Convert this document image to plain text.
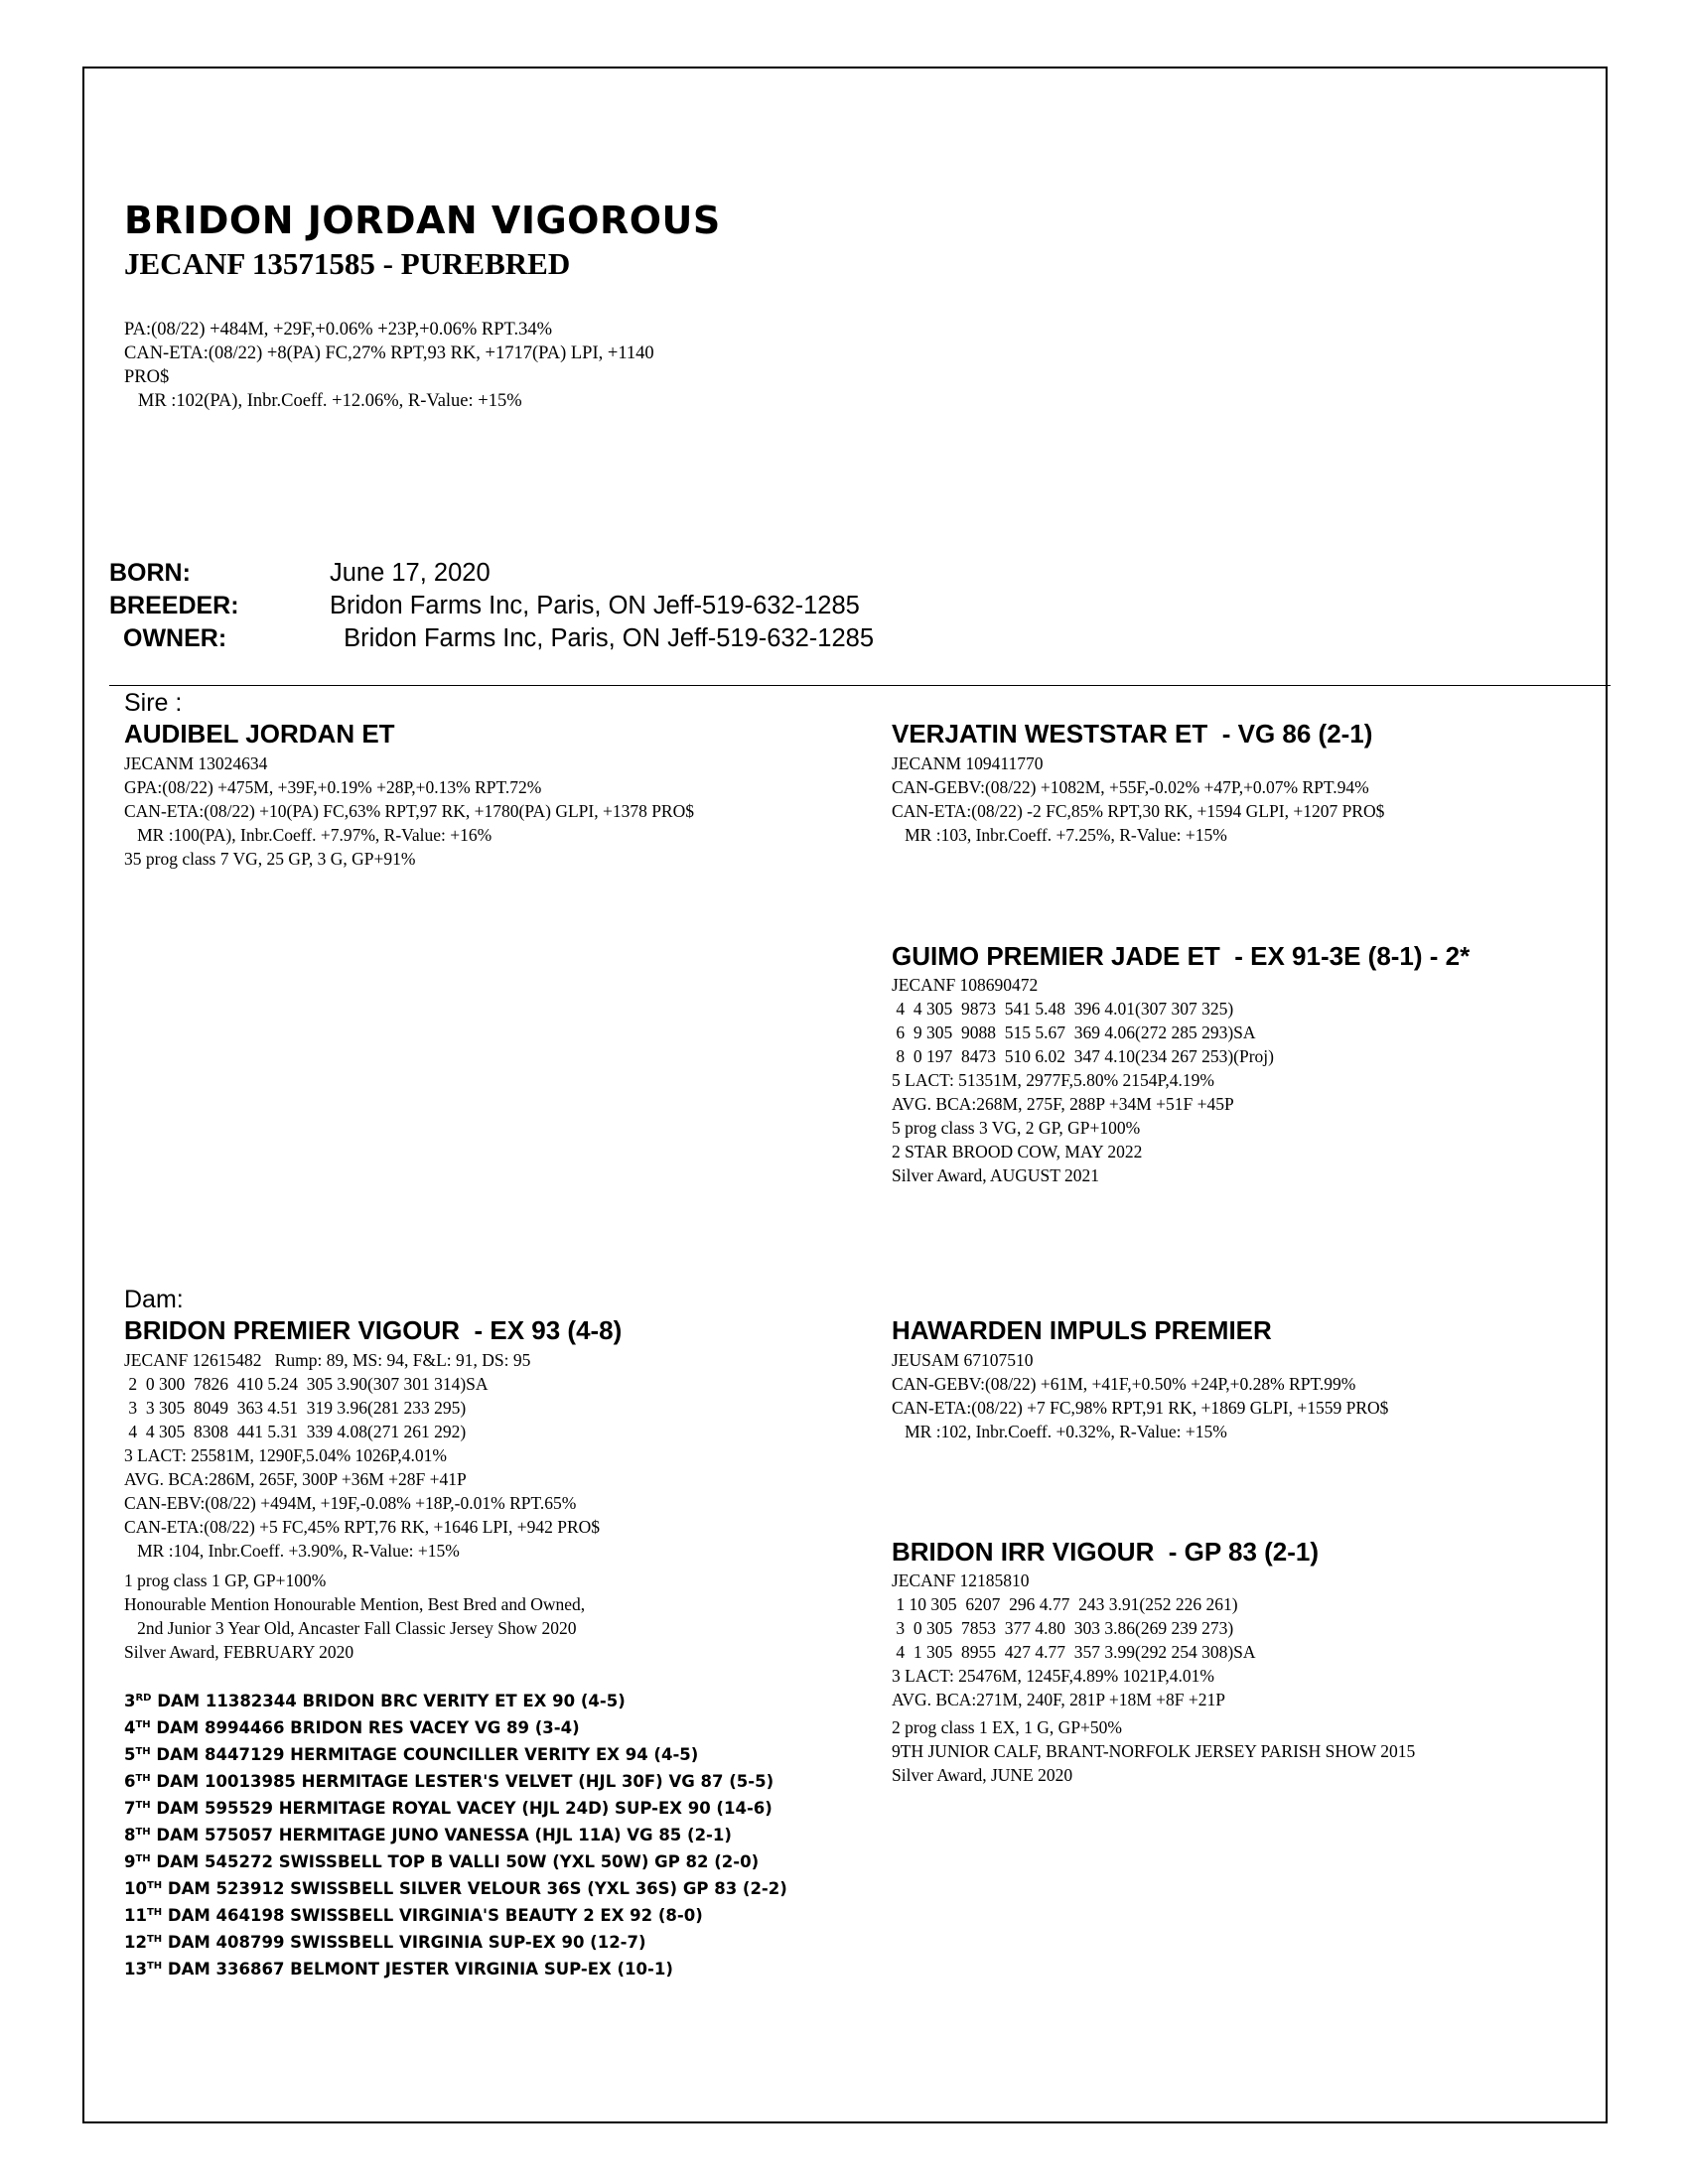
BRIDON JORDAN VIGOROUS
JECANF 13571585 - PUREBRED
PA:(08/22) +484M, +29F,+0.06% +23P,+0.06% RPT.34%
CAN-ETA:(08/22) +8(PA) FC,27% RPT,93 RK, +1717(PA) LPI, +1140
PRO$
MR :102(PA), Inbr.Coeff. +12.06%, R-Value: +15%
BORN:	June 17, 2020
BREEDER:	Bridon Farms Inc, Paris, ON Jeff-519-632-1285
OWNER:	Bridon Farms Inc, Paris, ON Jeff-519-632-1285
Sire :
AUDIBEL JORDAN ET
JECANM 13024634
GPA:(08/22) +475M, +39F,+0.19% +28P,+0.13% RPT.72%
CAN-ETA:(08/22) +10(PA) FC,63% RPT,97 RK, +1780(PA) GLPI, +1378 PRO$
MR :100(PA), Inbr.Coeff. +7.97%, R-Value: +16%
35 prog class 7 VG, 25 GP, 3 G, GP+91%
VERJATIN WESTSTAR ET  - VG 86 (2-1)
JECANM 109411770
CAN-GEBV:(08/22) +1082M, +55F,-0.02% +47P,+0.07% RPT.94%
CAN-ETA:(08/22) -2 FC,85% RPT,30 RK, +1594 GLPI, +1207 PRO$
MR :103, Inbr.Coeff. +7.25%, R-Value: +15%
GUIMO PREMIER JADE ET  - EX 91-3E (8-1) - 2*
JECANF 108690472
4  4 305  9873  541 5.48  396 4.01(307 307 325)
6  9 305  9088  515 5.67  369 4.06(272 285 293)SA
8  0 197  8473  510 6.02  347 4.10(234 267 253)(Proj)
5 LACT: 51351M, 2977F,5.80% 2154P,4.19%
AVG. BCA:268M, 275F, 288P +34M +51F +45P
5 prog class 3 VG, 2 GP, GP+100%
2 STAR BROOD COW, MAY 2022
Silver Award, AUGUST 2021
Dam:
BRIDON PREMIER VIGOUR  - EX 93 (4-8)
JECANF 12615482   Rump: 89, MS: 94, F&L: 91, DS: 95
2  0 300  7826  410 5.24  305 3.90(307 301 314)SA
3  3 305  8049  363 4.51  319 3.96(281 233 295)
4  4 305  8308  441 5.31  339 4.08(271 261 292)
3 LACT: 25581M, 1290F,5.04% 1026P,4.01%
AVG. BCA:286M, 265F, 300P +36M +28F +41P
CAN-EBV:(08/22) +494M, +19F,-0.08% +18P,-0.01% RPT.65%
CAN-ETA:(08/22) +5 FC,45% RPT,76 RK, +1646 LPI, +942 PRO$
MR :104, Inbr.Coeff. +3.90%, R-Value: +15%
1 prog class 1 GP, GP+100%
Honourable Mention Honourable Mention, Best Bred and Owned,
2nd Junior 3 Year Old, Ancaster Fall Classic Jersey Show 2020
Silver Award, FEBRUARY 2020
HAWARDEN IMPULS PREMIER
JEUSAM 67107510
CAN-GEBV:(08/22) +61M, +41F,+0.50% +24P,+0.28% RPT.99%
CAN-ETA:(08/22) +7 FC,98% RPT,91 RK, +1869 GLPI, +1559 PRO$
MR :102, Inbr.Coeff. +0.32%, R-Value: +15%
BRIDON IRR VIGOUR  - GP 83 (2-1)
JECANF 12185810
1 10 305  6207  296 4.77  243 3.91(252 226 261)
3  0 305  7853  377 4.80  303 3.86(269 239 273)
4  1 305  8955  427 4.77  357 3.99(292 254 308)SA
3 LACT: 25476M, 1245F,4.89% 1021P,4.01%
AVG. BCA:271M, 240F, 281P +18M +8F +21P
2 prog class 1 EX, 1 G, GP+50%
9TH JUNIOR CALF, BRANT-NORFOLK JERSEY PARISH SHOW 2015
Silver Award, JUNE 2020
3RD DAM 11382344 BRIDON BRC VERITY ET EX 90 (4-5)
4TH DAM 8994466 BRIDON RES VACEY VG 89 (3-4)
5TH DAM 8447129 HERMITAGE COUNCILLER VERITY EX 94 (4-5)
6TH DAM 10013985 HERMITAGE LESTER'S VELVET (HJL 30F) VG 87 (5-5)
7TH DAM 595529 HERMITAGE ROYAL VACEY (HJL 24D) SUP-EX 90 (14-6)
8TH DAM 575057 HERMITAGE JUNO VANESSA (HJL 11A) VG 85 (2-1)
9TH DAM 545272 SWISSBELL TOP B VALLI 50W (YXL 50W) GP 82 (2-0)
10TH DAM 523912 SWISSBELL SILVER VELOUR 36S (YXL 36S) GP 83 (2-2)
11TH DAM 464198 SWISSBELL VIRGINIA'S BEAUTY 2 EX 92 (8-0)
12TH DAM 408799 SWISSBELL VIRGINIA SUP-EX 90 (12-7)
13TH DAM 336867 BELMONT JESTER VIRGINIA SUP-EX (10-1)
